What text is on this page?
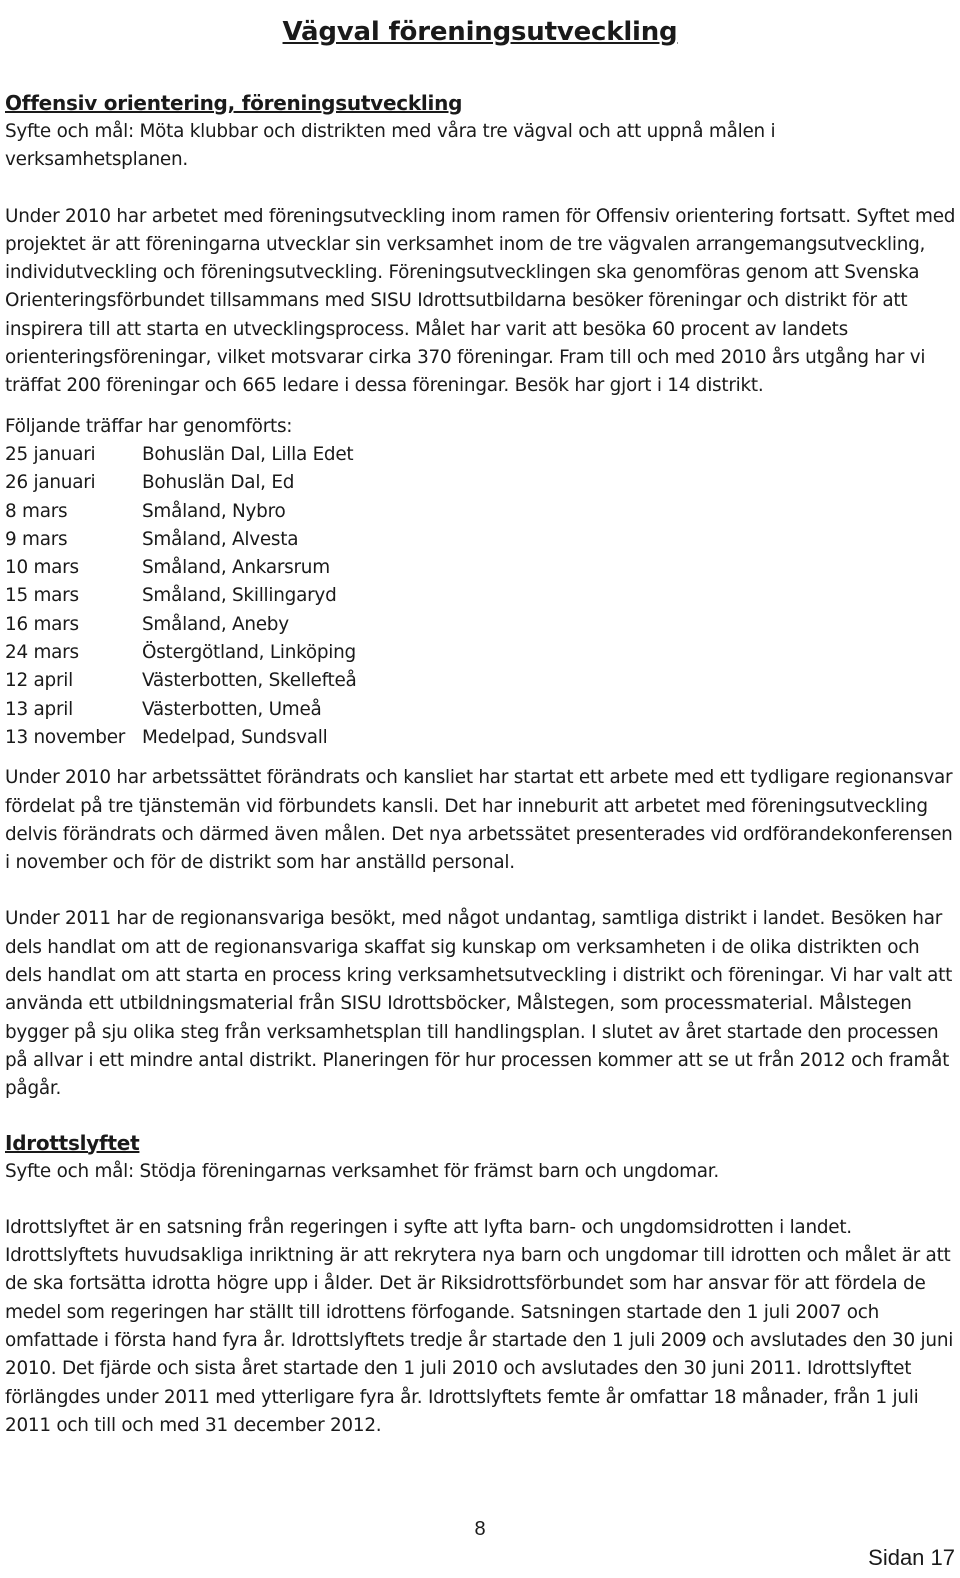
Vägval föreningsutveckling
Offensiv orientering, föreningsutveckling

Syfte och mål: Möta klubbar och distrikten med våra tre vägval och att uppnå målen i verksamhetsplanen.

Under 2010 har arbetet med föreningsutveckling inom ramen för Offensiv orientering fortsatt. Syftet med projektet är att föreningarna utvecklar sin verksamhet inom de tre vägvalen arrangemangsutveckling, individutveckling och föreningsutveckling. Föreningsutvecklingen ska genomföras genom att Svenska Orienteringsförbundet tillsammans med SISU Idrottsutbildarna besöker föreningar och distrikt för att inspirera till att starta en utvecklingsprocess. Målet har varit att besöka 60 procent av landets orienteringsföreningar, vilket motsvarar cirka 370 föreningar. Fram till och med 2010 års utgång har vi träffat 200 föreningar och 665 ledare i dessa föreningar. Besök har gjort i 14 distrikt.

Följande träffar har genomförts:

25 januari	Bohuslän Dal, Lilla Edet
26 januari	Bohuslän Dal, Ed
8 mars	Småland, Nybro
9 mars	Småland, Alvesta
10 mars	Småland, Ankarsrum
15 mars	Småland, Skillingaryd
16 mars	Småland, Aneby
24 mars	Östergötland, Linköping
12 april	Västerbotten, Skellefteå
13 april	Västerbotten, Umeå
13 november	Medelpad, Sundsvall

Under 2010 har arbetssättet förändrats och kansliet har startat ett arbete med ett tydligare regionansvar fördelat på tre tjänstemän vid förbundets kansli. Det har inneburit att arbetet med föreningsutveckling delvis förändrats och därmed även målen. Det nya arbetssätet presenterades vid ordförandekonferensen i november och för de distrikt som har anställd personal.

Under 2011 har de regionansvariga besökt, med något undantag, samtliga distrikt i landet. Besöken har dels handlat om att de regionansvariga skaffat sig kunskap om verksamheten i de olika distrikten och dels handlat om att starta en process kring verksamhetsutveckling i distrikt och föreningar. Vi har valt att använda ett utbildningsmaterial från SISU Idrottsböcker, Målstegen, som processmaterial. Målstegen bygger på sju olika steg från verksamhetsplan till handlingsplan. I slutet av året startade den processen på allvar i ett mindre antal distrikt. Planeringen för hur processen kommer att se ut från 2012 och framåt pågår.

Idrottslyftet

Syfte och mål: Stödja föreningarnas verksamhet för främst barn och ungdomar.

Idrottslyftet är en satsning från regeringen i syfte att lyfta barn- och ungdomsidrotten i landet. Idrottslyftets huvudsakliga inriktning är att rekrytera nya barn och ungdomar till idrotten och målet är att de ska fortsätta idrotta högre upp i ålder. Det är Riksidrottsförbundet som har ansvar för att fördela de medel som regeringen har ställt till idrottens förfogande. Satsningen startade den 1 juli 2007 och omfattade i första hand fyra år. Idrottslyftets tredje år startade den 1 juli 2009 och avslutades den 30 juni 2010. Det fjärde och sista året startade den 1 juli 2010 och avslutades den 30 juni 2011. Idrottslyftet förlängdes under 2011 med ytterligare fyra år. Idrottslyftets femte år omfattar 18 månader, från 1 juli 2011 och till och med 31 december 2012.

8
Sidan 17
